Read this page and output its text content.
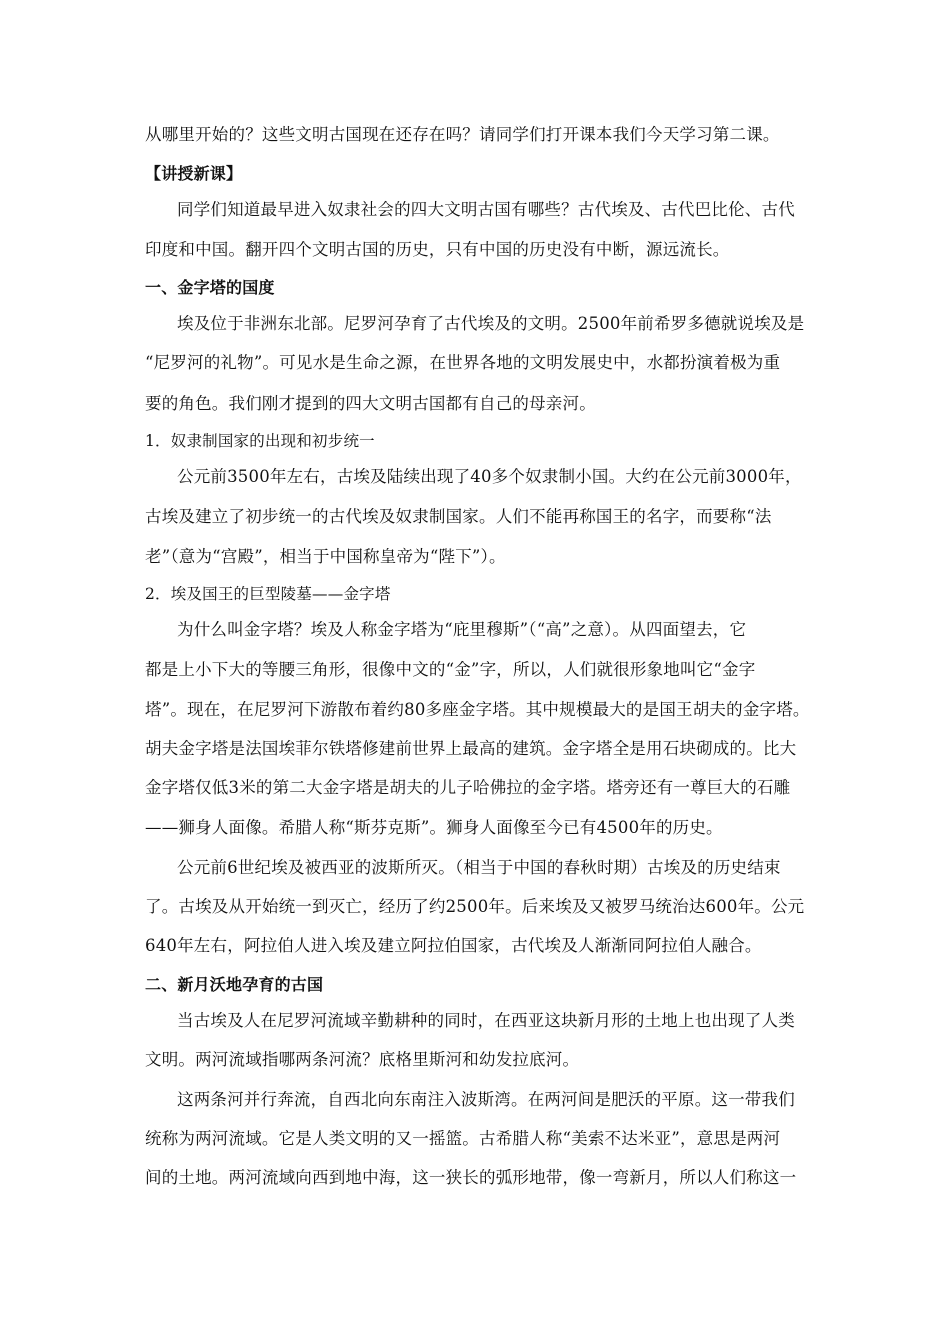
从哪里开始的？这些文明古国现在还存在吗？请同学们打开课本我们今天学习第二课。
【讲授新课】
同学们知道最早进入奴隶社会的四大文明古国有哪些？古代埃及、古代巴比伦、古代
印度和中国。翻开四个文明古国的历史，只有中国的历史没有中断，源远流长。
一、金字塔的国度
埃及位于非洲东北部。尼罗河孕育了古代埃及的文明。2500年前希罗多德就说埃及是
“尼罗河的礼物”。可见水是生命之源，在世界各地的文明发展史中，水都扮演着极为重
要的角色。我们刚才提到的四大文明古国都有自己的母亲河。
1．奴隶制国家的出现和初步统一
公元前3500年左右，古埃及陆续出现了40多个奴隶制小国。大约在公元前3000年，
古埃及建立了初步统一的古代埃及奴隶制国家。人们不能再称国王的名字，而要称“法
老”（意为“宫殿”，相当于中国称皇帝为“陛下”）。
2．埃及国王的巨型陵墓——金字塔
为什么叫金字塔？埃及人称金字塔为“庇里穆斯”（“高”之意）。从四面望去，它
都是上小下大的等腰三角形，很像中文的“金”字，所以，人们就很形象地叫它“金字
塔”。现在，在尼罗河下游散布着约80多座金字塔。其中规模最大的是国王胡夫的金字塔。
胡夫金字塔是法国埃菲尔铁塔修建前世界上最高的建筑。金字塔全是用石块砌成的。比大
金字塔仅低3米的第二大金字塔是胡夫的儿子哈佛拉的金字塔。塔旁还有一尊巨大的石雕
——狮身人面像。希腊人称“斯芬克斯”。狮身人面像至今已有4500年的历史。
公元前6世纪埃及被西亚的波斯所灭。（相当于中国的春秋时期）古埃及的历史结束
了。古埃及从开始统一到灭亡，经历了约2500年。后来埃及又被罗马统治达600年。公元
640年左右，阿拉伯人进入埃及建立阿拉伯国家，古代埃及人渐渐同阿拉伯人融合。
二、新月沃地孕育的古国
当古埃及人在尼罗河流域辛勤耕种的同时，在西亚这块新月形的土地上也出现了人类
文明。两河流域指哪两条河流？底格里斯河和幼发拉底河。
这两条河并行奔流，自西北向东南注入波斯湾。在两河间是肥沃的平原。这一带我们
统称为两河流域。它是人类文明的又一摇篮。古希腊人称“美索不达米亚”，意思是两河
间的土地。两河流域向西到地中海，这一狭长的弧形地带，像一弯新月，所以人们称这一
